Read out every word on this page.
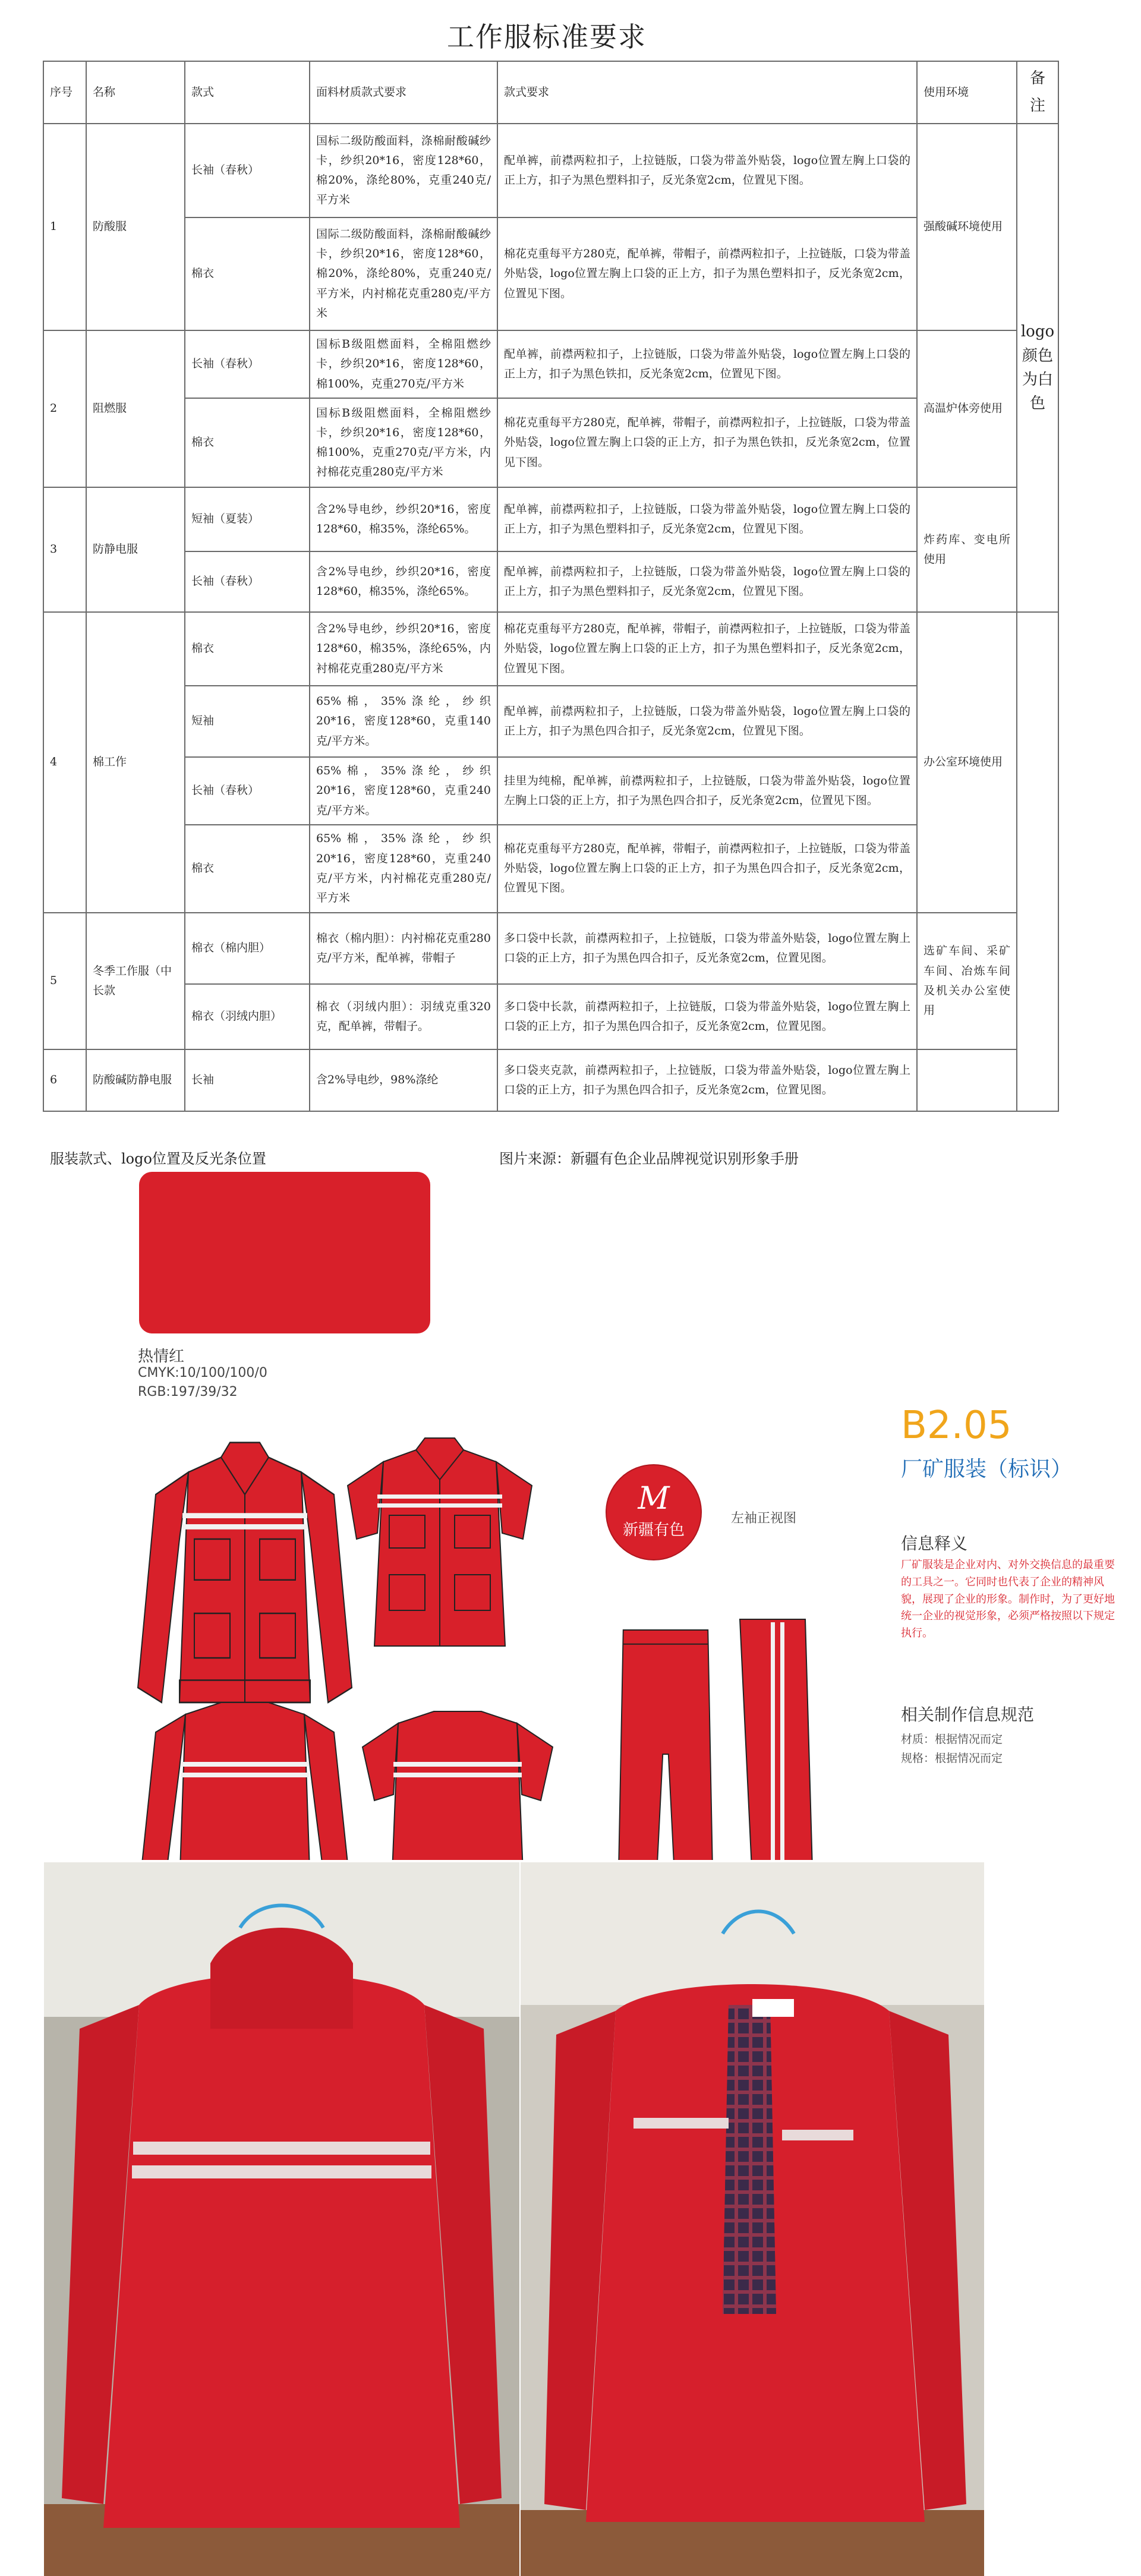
工作服标准要求
序号	名称	款式	面料材质款式要求	款式要求	使用环境	备注
1	防酸服	长袖（春秋）	国标二级防酸面料，涤棉耐酸碱纱卡，纱织20*16，密度128*60，棉20%，涤纶80%，克重240克/平方米	配单裤，前襟两粒扣子，上拉链版，口袋为带盖外贴袋，logo位置左胸上口袋的正上方，扣子为黑色塑料扣子，反光条宽2cm，位置见下图。	强酸碱环境使用	logo颜色为白色
		棉衣	国际二级防酸面料，涤棉耐酸碱纱卡，纱织20*16，密度128*60，棉20%，涤纶80%，克重240克/平方米，内衬棉花克重280克/平方米	棉花克重每平方280克，配单裤，带帽子，前襟两粒扣子，上拉链版，口袋为带盖外贴袋，logo位置左胸上口袋的正上方，扣子为黑色塑料扣子，反光条宽2cm，位置见下图。		
2	阻燃服	长袖（春秋）	国标B级阻燃面料，全棉阻燃纱卡，纱织20*16，密度128*60，棉100%，克重270克/平方米	配单裤，前襟两粒扣子，上拉链版，口袋为带盖外贴袋，logo位置左胸上口袋的正上方，扣子为黑色铁扣，反光条宽2cm，位置见下图。	高温炉体旁使用	
		棉衣	国标B级阻燃面料，全棉阻燃纱卡，纱织20*16，密度128*60，棉100%，克重270克/平方米，内衬棉花克重280克/平方米	棉花克重每平方280克，配单裤，带帽子，前襟两粒扣子，上拉链版，口袋为带盖外贴袋，logo位置左胸上口袋的正上方，扣子为黑色铁扣，反光条宽2cm，位置见下图。		
3	防静电服	短袖（夏装）	含2%导电纱，纱织20*16，密度128*60，棉35%，涤纶65%。	配单裤，前襟两粒扣子，上拉链版，口袋为带盖外贴袋，logo位置左胸上口袋的正上方，扣子为黑色塑料扣子，反光条宽2cm，位置见下图。	炸药库、变电所使用	
		长袖（春秋）	含2%导电纱，纱织20*16，密度128*60，棉35%，涤纶65%。	配单裤，前襟两粒扣子，上拉链版，口袋为带盖外贴袋，logo位置左胸上口袋的正上方，扣子为黑色塑料扣子，反光条宽2cm，位置见下图。		
4	棉工作	棉衣	含2%导电纱，纱织20*16，密度128*60，棉35%，涤纶65%，内衬棉花克重280克/平方米	棉花克重每平方280克，配单裤，带帽子，前襟两粒扣子，上拉链版，口袋为带盖外贴袋，logo位置左胸上口袋的正上方，扣子为黑色塑料扣子，反光条宽2cm，位置见下图。	办公室环境使用	
		短袖	65%棉，35%涤纶，纱织20*16，密度128*60，克重140克/平方米。	配单裤，前襟两粒扣子，上拉链版，口袋为带盖外贴袋，logo位置左胸上口袋的正上方，扣子为黑色四合扣子，反光条宽2cm，位置见下图。		
		长袖（春秋）	65%棉，35%涤纶，纱织20*16，密度128*60，克重240克/平方米。	挂里为纯棉，配单裤，前襟两粒扣子，上拉链版，口袋为带盖外贴袋，logo位置左胸上口袋的正上方，扣子为黑色四合扣子，反光条宽2cm，位置见下图。		
		棉衣	65%棉，35%涤纶，纱织20*16，密度128*60，克重240克/平方米，内衬棉花克重280克/平方米	棉花克重每平方280克，配单裤，带帽子，前襟两粒扣子，上拉链版，口袋为带盖外贴袋，logo位置左胸上口袋的正上方，扣子为黑色四合扣子，反光条宽2cm，位置见下图。		
5	冬季工作服（中长款	棉衣（棉内胆）	棉衣（棉内胆）：内衬棉花克重280克/平方米，配单裤，带帽子	多口袋中长款，前襟两粒扣子，上拉链版，口袋为带盖外贴袋，logo位置左胸上口袋的正上方，扣子为黑色四合扣子，反光条宽2cm，位置见图。	选矿车间、采矿车间、冶炼车间及机关办公室使用	
		棉衣（羽绒内胆）	棉衣（羽绒内胆）：羽绒克重320克，配单裤，带帽子。	多口袋中长款，前襟两粒扣子，上拉链版，口袋为带盖外贴袋，logo位置左胸上口袋的正上方，扣子为黑色四合扣子，反光条宽2cm，位置见图。		
6	防酸碱防静电服	长袖	含2%导电纱，98%涤纶	多口袋夹克款，前襟两粒扣子，上拉链版，口袋为带盖外贴袋，logo位置左胸上口袋的正上方，扣子为黑色四合扣子，反光条宽2cm，位置见图。		
服装款式、logo位置及反光条位置	图片来源：新疆有色企业品牌视觉识别形象手册
热情红
CMYK:10/100/100/0
RGB:197/39/32
B2.05
厂矿服装（标识）
信息释义
厂矿服装是企业对内、对外交换信息的最重要的工具之一。它同时也代表了企业的精神风貌，展现了企业的形象。制作时，为了更好地统一企业的视觉形象，必须严格按照以下规定执行。
相关制作信息规范
材质：根据情况而定
规格：根据情况而定
左袖正视图
M
新疆有色
